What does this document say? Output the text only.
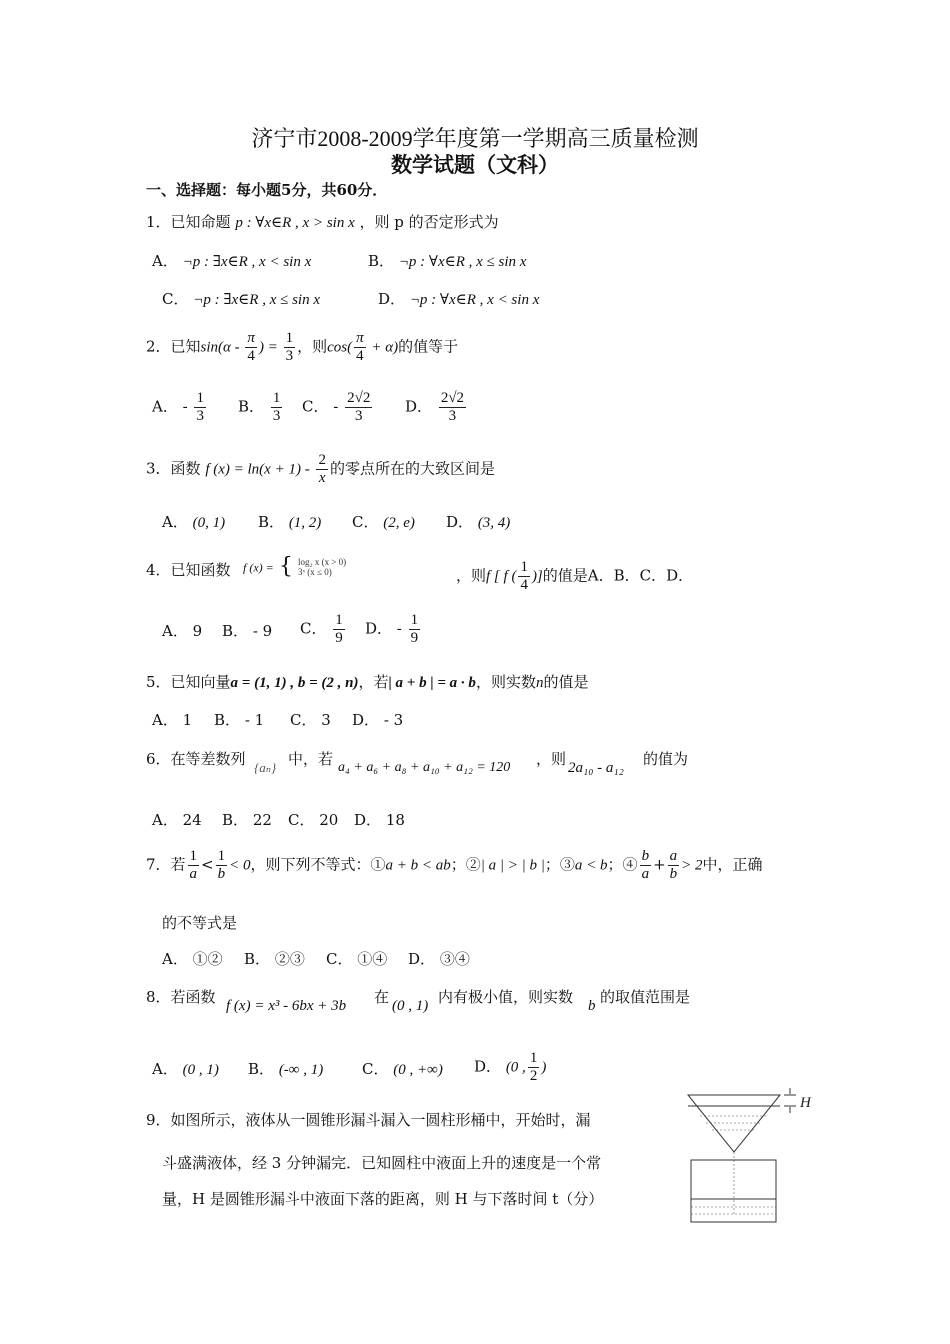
济宁市2008-2009学年度第一学期高三质量检测
数学试题（文科）
一、选择题：每小题5分，共60分．
1．已知命题 p : ∀x∈R , x > sin x ，则 p 的否定形式为
A． ¬p : ∃x∈R , x < sin x	B． ¬p : ∀x∈R , x ≤ sin x
C． ¬p : ∃x∈R , x ≤ sin x	D． ¬p : ∀x∈R , x < sin x
2．已知$\sin(\alpha - \frac{\pi}{4}$ ) = $\frac{1}{3}$ ，则$\cos( \frac{\pi}{4} + \alpha)$的值等于
A． - $\frac{1}{3}$ B． $\frac{1}{3}$ C． - $\frac{2√2}{3}$ D． $\frac{2√2}{3}$
3．函数 f $(x) = \ln(x + 1) - \frac{2}{x}$ 的零点所在的大致区间是
A． (0, 1) B． (1, 2) C． (2, e) D． (3, 4)
4．已知函数 f (x) = { log₂ x (x > 0)
3ˣ (x ≤ 0)	，则f [ f ( $\frac{1}{4}$ )]的值是A．B．C．D．
A． 9 B． - 9 C． $\frac{1}{9}$ D． - $\frac{1}{9}$
5．已知向量a = (1, 1) , b = (2 , n)，若| a + b | = a · b，则实数n的值是
A． 1 B． - 1 C． 3 D． - 3
6．在等差数列 {aₙ} 中，若 a₄ + a₆ + a₈ + a₁₀ + a₁₂ = 120 ，则 2a₁₀ - a₁₂ 的值为
A． 24 B． 22 C． 20 D． 18
7．若 $\frac{1}{a} < \frac{1}{b} < 0$，则下列不等式：①a + b < ab；②| a | > | b |；③a < b；④ $\frac{b}{a} + \frac{a}{b} > 2$中，正确
的不等式是
A． ①② B． ②③ C． ①④ D． ③④
8．若函数 f (x) = x³ - 6bx + 3b 在 (0 , 1) 内有极小值，则实数 b 的取值范围是
A． (0 , 1) B． (-∞ , 1)	C． (0 , +∞) D． (0 , $\frac{1}{2}$ )
9．如图所示，液体从一圆锥形漏斗漏入一圆柱形桶中，开始时，漏
斗盛满液体，经 3 分钟漏完．已知圆柱中液面上升的速度是一个常
量，H 是圆锥形漏斗中液面下落的距离，则 H 与下落时间 t（分）
H
